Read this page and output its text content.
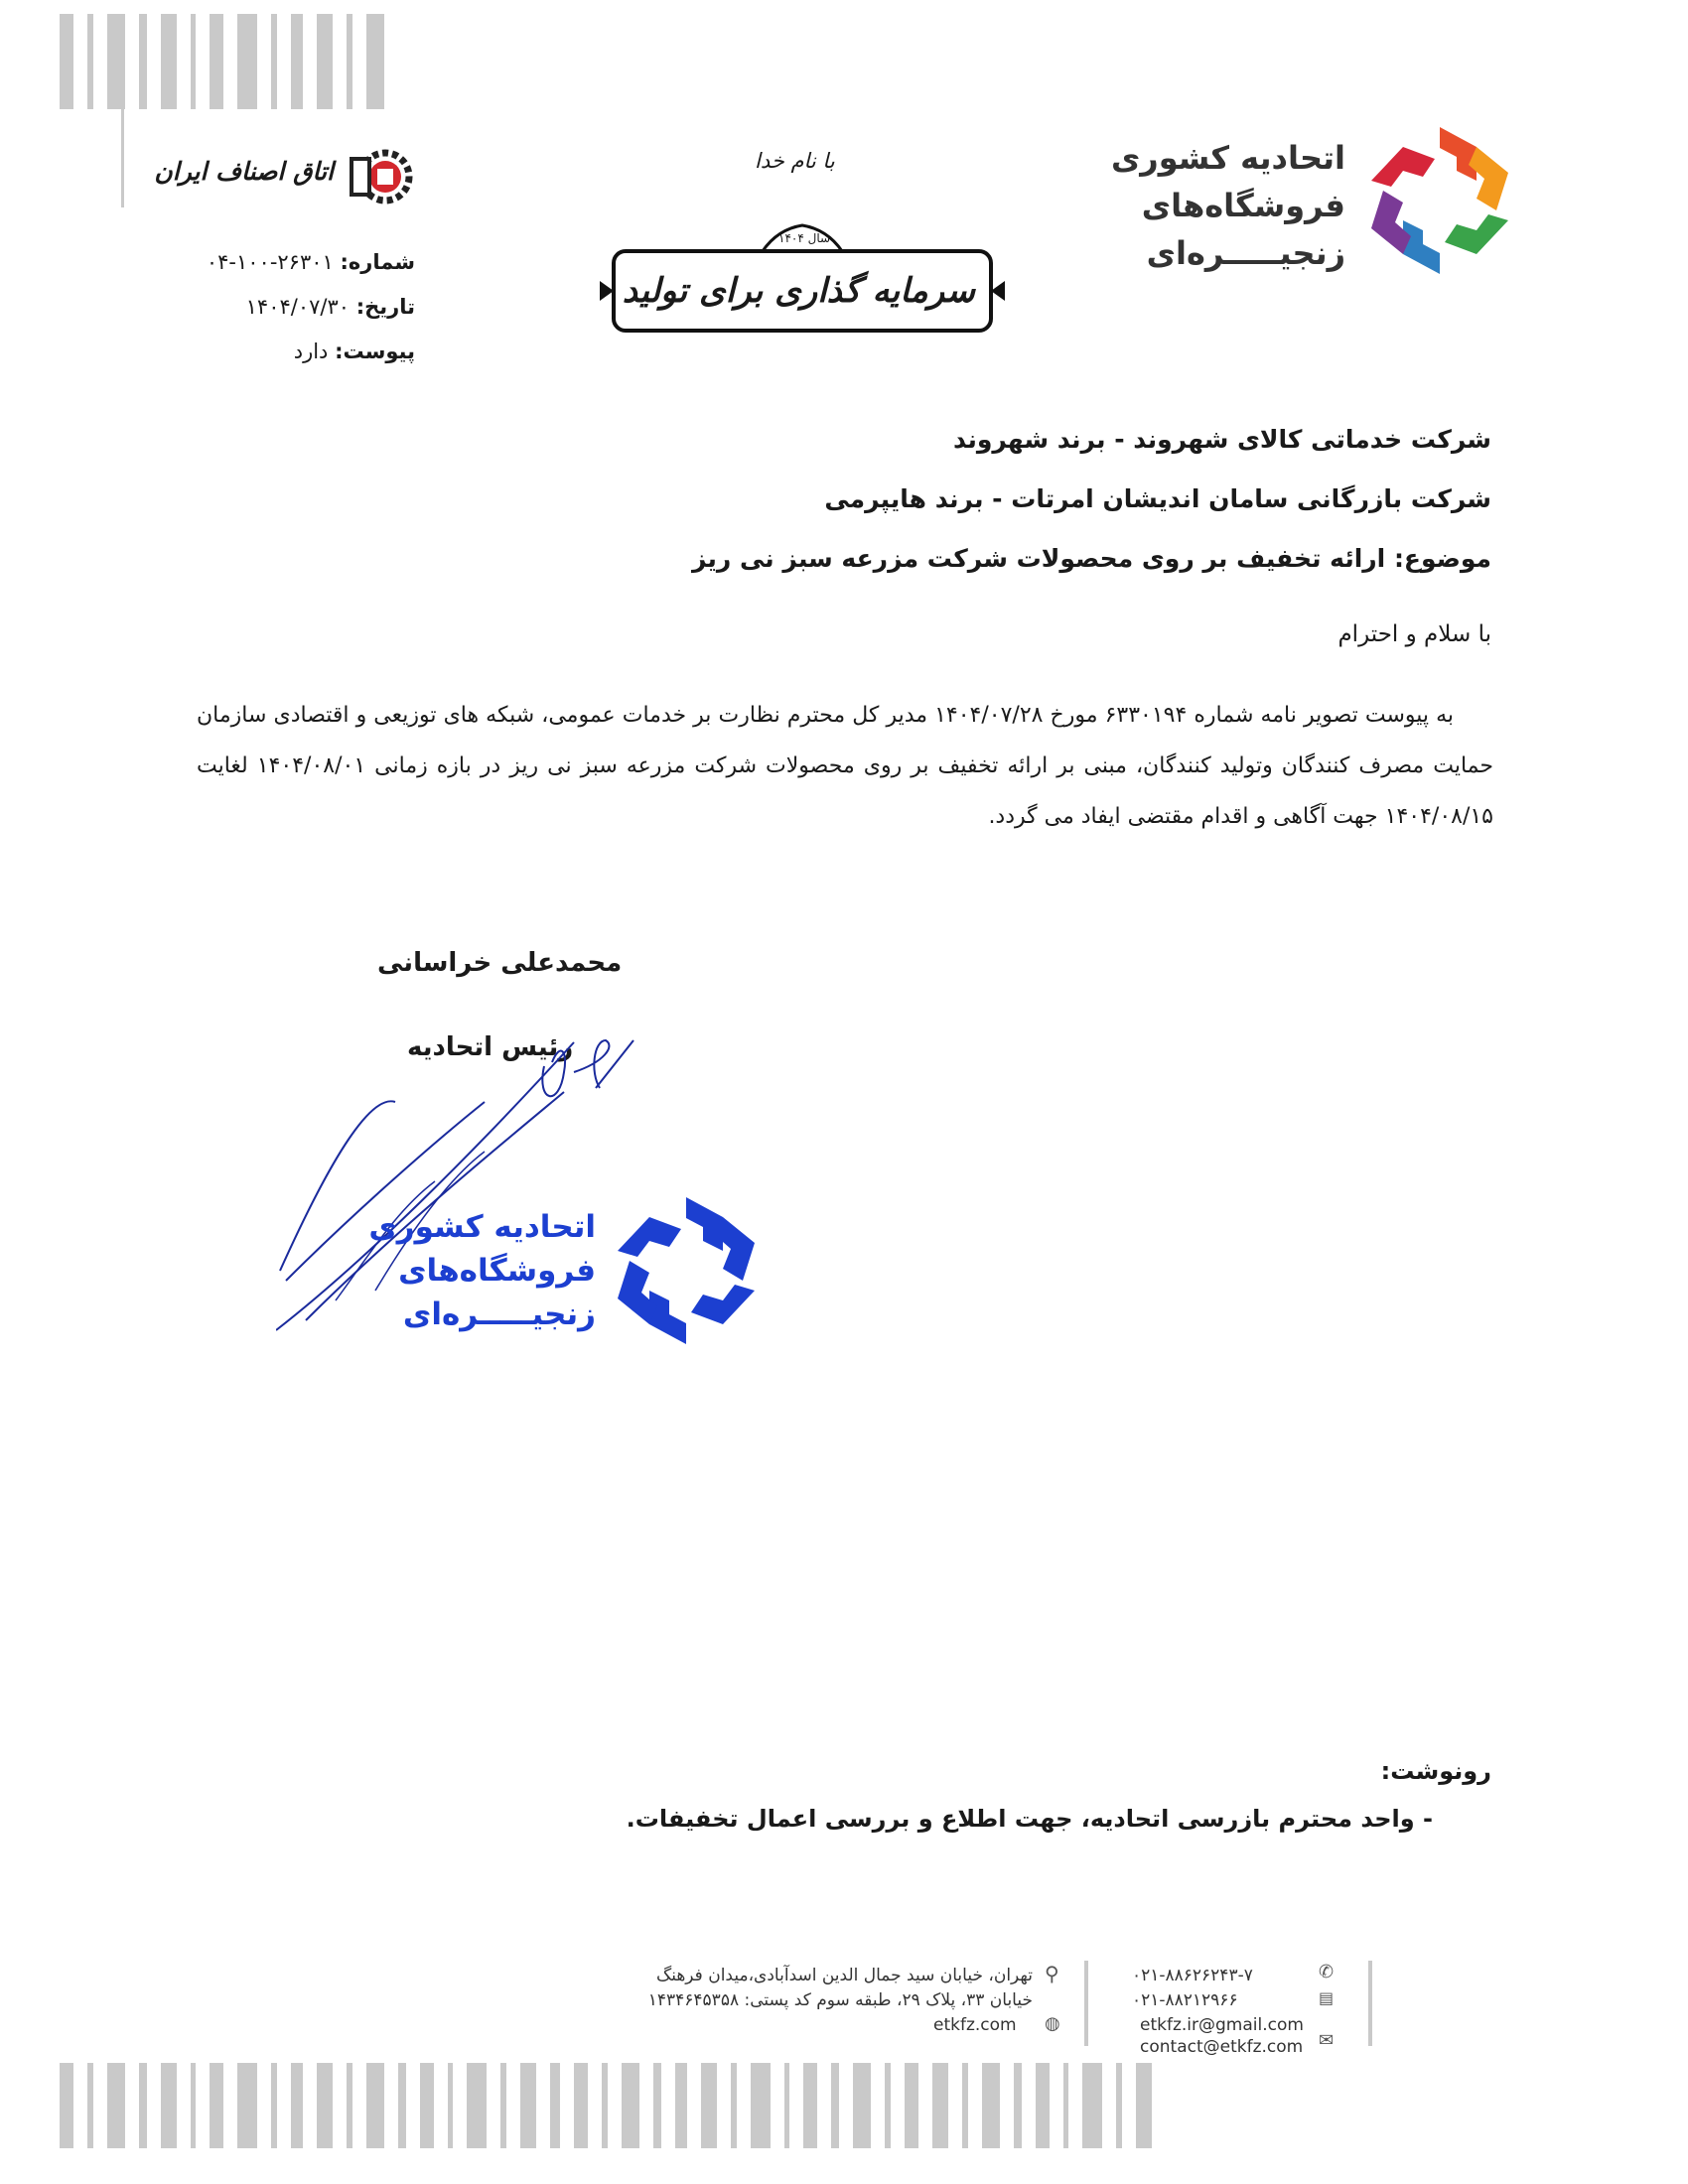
اتاق اصناف ایران	با نام خدا
سال ۱۴۰۴
سرمایه گذاری برای تولید
اتحادیه کشوری
فروشگاه‌های
زنجیـــــره‌ای
شماره: ۲۶۳۰۱-۱۰۰-۰۴
تاریخ: ۱۴۰۴/۰۷/۳۰
پیوست: دارد
شرکت خدماتی کالای شهروند - برند شهروند
شرکت بازرگانی سامان اندیشان امرتات - برند هایپرمی
موضوع: ارائه تخفیف بر روی محصولات شرکت مزرعه سبز نی ریز
با سلام و احترام
به پیوست تصویر نامه شماره ۶۳۳۰۱۹۴ مورخ ۱۴۰۴/۰۷/۲۸ مدیر کل محترم نظارت بر خدمات عمومی، شبکه های توزیعی و اقتصادی سازمان حمایت مصرف کنندگان وتولید کنندگان، مبنی بر ارائه تخفیف بر روی محصولات شرکت مزرعه سبز نی ریز در بازه زمانی ۱۴۰۴/۰۸/۰۱ لغایت ۱۴۰۴/۰۸/۱۵ جهت آگاهی و اقدام مقتضی ایفاد می گردد.
محمدعلی خراسانی
رئیس اتحادیه
اتحادیه کشوری
فروشگاه‌های
زنجیـــــره‌ای
رونوشت:
- واحد محترم بازرسی اتحادیه، جهت اطلاع و بررسی اعمال تخفیفات.
⚲
تهران، خیابان سید جمال الدین اسدآبادی،میدان فرهنگ
خیابان ۳۳، پلاک ۲۹، طبقه سوم کد پستی: ۱۴۳۴۶۴۵۳۵۸
etkfz.com ◍
۰۲۱-۸۸۶۲۶۲۴۳-۷	✆
۰۲۱-۸۸۲۱۲۹۶۶	▤
etkfz.ir@gmail.com
contact@etkfz.com ✉
